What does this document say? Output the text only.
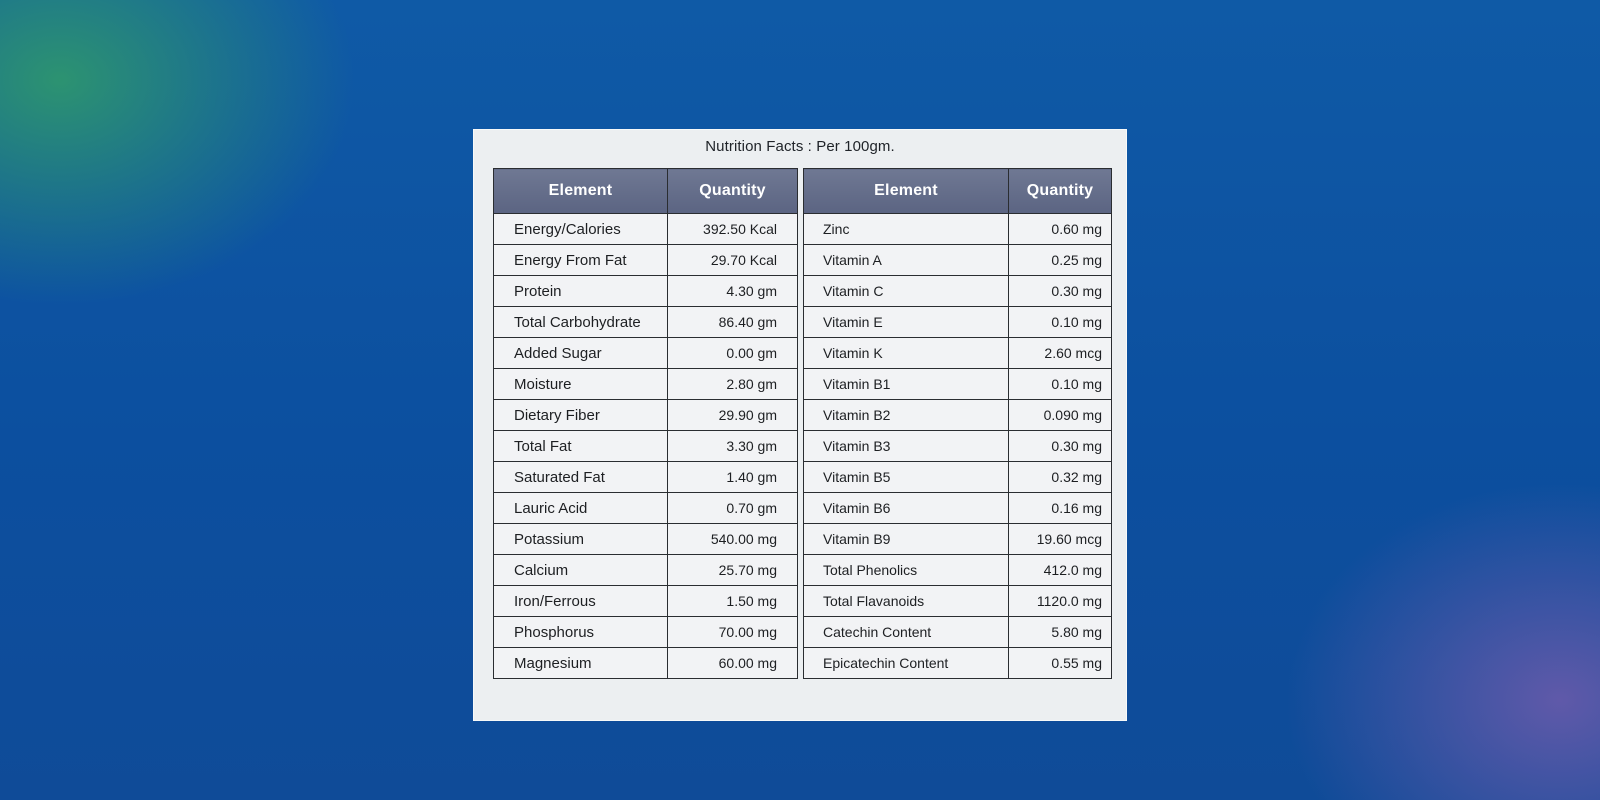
Nutrition Facts : Per 100gm.
Element	Quantity
Energy/Calories	392.50 Kcal
Energy From Fat	29.70 Kcal
Protein	4.30 gm
Total Carbohydrate	86.40 gm
Added Sugar	0.00 gm
Moisture	2.80 gm
Dietary Fiber	29.90 gm
Total Fat	3.30 gm
Saturated Fat	1.40 gm
Lauric Acid	0.70 gm
Potassium	540.00 mg
Calcium	25.70 mg
Iron/Ferrous	1.50 mg
Phosphorus	70.00 mg
Magnesium	60.00 mg
Element	Quantity
Zinc	0.60 mg
Vitamin A	0.25 mg
Vitamin C	0.30 mg
Vitamin E	0.10 mg
Vitamin K	2.60 mcg
Vitamin B1	0.10 mg
Vitamin B2	0.090 mg
Vitamin B3	0.30 mg
Vitamin B5	0.32 mg
Vitamin B6	0.16 mg
Vitamin B9	19.60 mcg
Total Phenolics	412.0 mg
Total Flavanoids	1120.0 mg
Catechin Content	5.80 mg
Epicatechin Content	0.55 mg
